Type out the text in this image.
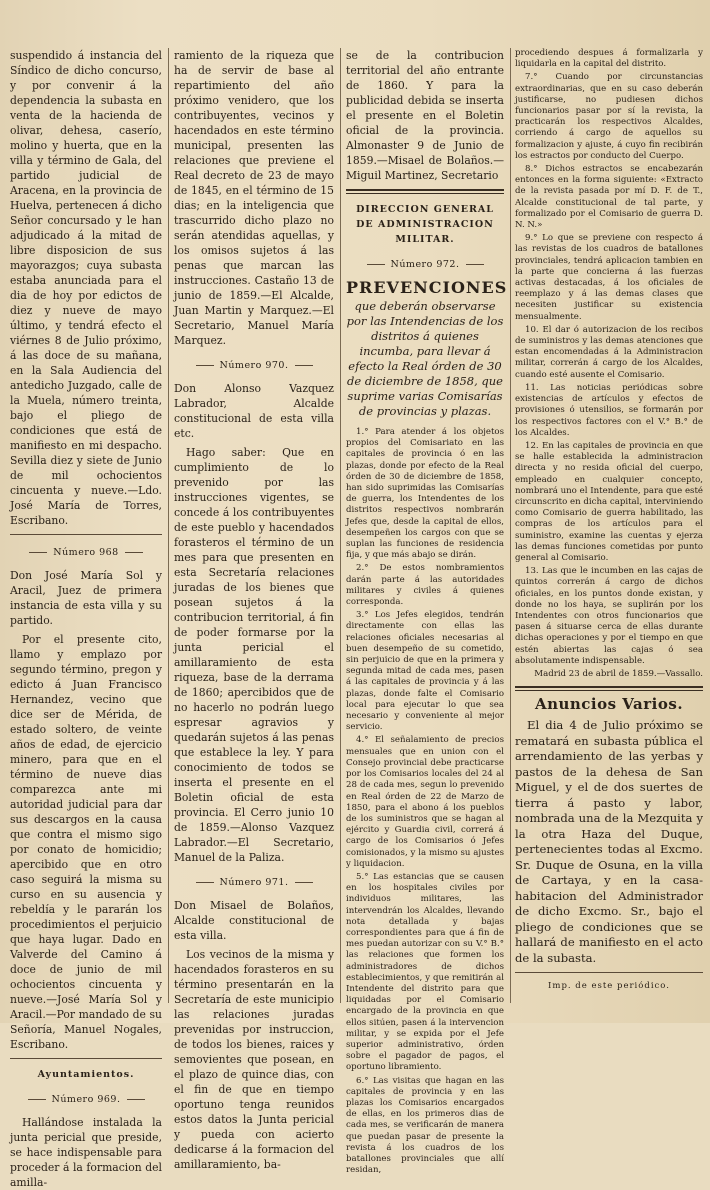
suspendido á instancia del Síndico de dicho concurso, y por convenir á la dependencia la subasta en venta de la hacienda de olivar, dehesa, caserío, molino y huerta, que en la villa y término de Gala, del partido judicial de Aracena, en la provincia de Huelva, pertenecen á dicho Señor concursado y le han adjudicado á la mitad de libre disposicion de sus mayorazgos; cuya subasta estaba anunciada para el dia de hoy por edictos de diez y nueve de mayo último, y tendrá efecto el viérnes 8 de Julio próximo, á las doce de su mañana, en la Sala Audiencia del antedicho Juzgado, calle de la Muela, número treinta, bajo el pliego de condiciones que está de manifiesto en mi despacho. Sevilla diez y siete de Junio de mil ochocientos cincuenta y nueve.—Ldo. José María de Torres, Escribano.

Número 968

Don José María Sol y Aracil, Juez de primera instancia de esta villa y su partido.

Por el presente cito, llamo y emplazo por segundo término, pregon y edicto á Juan Francisco Hernandez, vecino que dice ser de Mérida, de estado soltero, de veinte años de edad, de ejercicio minero, para que en el término de nueve dias comparezca ante mi autoridad judicial para dar sus descargos en la causa que contra el mismo sigo por conato de homicidio; apercibido que en otro caso seguirá la misma su curso en su ausencia y rebeldía y le pararán los procedimientos el perjuicio que haya lugar. Dado en Valverde del Camino á doce de junio de mil ochocientos cincuenta y nueve.—José María Sol y Aracil.—Por mandado de su Señoría, Manuel Nogales, Escribano.

Ayuntamientos.
Número 969.

Hallándose instalada la junta pericial que preside, se hace indispensable para proceder á la formacion del amilla-

ramiento de la riqueza que ha de servir de base al repartimiento del año próximo venidero, que los contribuyentes, vecinos y hacendados en este término municipal, presenten las relaciones que previene el Real decreto de 23 de mayo de 1845, en el término de 15 dias; en la inteligencia que trascurrido dicho plazo no serán atendidas aquellas, y los omisos sujetos á las penas que marcan las instrucciones. Castaño 13 de junio de 1859.—El Alcalde, Juan Martin y Marquez.—El Secretario, Manuel María Marquez.

Número 970.

Don Alonso Vazquez Labrador, Alcalde constitucional de esta villa etc.

Hago saber: Que en cumplimiento de lo prevenido por las instrucciones vigentes, se concede á los contribuyentes de este pueblo y hacendados forasteros el término de un mes para que presenten en esta Secretaría relaciones juradas de los bienes que posean sujetos á la contribucion territorial, á fin de poder formarse por la junta pericial el amillaramiento de esta riqueza, base de la derrama de 1860; apercibidos que de no hacerlo no podrán luego espresar agravios y quedarán sujetos á las penas que establece la ley. Y para conocimiento de todos se inserta el presente en el Boletin oficial de esta provincia. El Cerro junio 10 de 1859.—Alonso Vazquez Labrador.—El Secretario, Manuel de la Paliza.

Número 971.

Don Misael de Bolaños, Alcalde constitucional de esta villa.

Los vecinos de la misma y hacendados forasteros en su término presentarán en la Secretaría de este municipio las relaciones juradas prevenidas por instruccion, de todos los bienes, raices y semovientes que posean, en el plazo de quince dias, con el fin de que en tiempo oportuno tenga reunidos estos datos la Junta pericial y pueda con acierto dedicarse á la formacion del amillaramiento, ba-

se de la contribucion territorial del año entrante de 1860. Y para la publicidad debida se inserta el presente en el Boletin oficial de la provincia. Almonaster 9 de Junio de 1859.—Misael de Bolaños.—Miguil Martinez, Secretario

DIRECCION GENERAL DE ADMINISTRACION MILITAR.
Número 972.
PREVENCIONES
que deberán observarse por las Intendencias de los distritos á quienes incumba, para llevar á efecto la Real órden de 30 de diciembre de 1858, que suprime varias Comisarías de provincias y plazas.

1.° Para atender á los objetos propios del Comisariato en las capitales de provincia ó en las plazas, donde por efecto de la Real órden de 30 de diciembre de 1858, han sido suprimidas las Comisarías de guerra, los Intendentes de los distritos respectivos nombrarán Jefes que, desde la capital de ellos, desempeñen los cargos con que se suplan las funciones de residencia fija, y que más abajo se dirán.

2.° De estos nombramientos darán parte á las autoridades militares y civiles á quienes corresponda.

3.° Los Jefes elegidos, tendrán directamente con ellas las relaciones oficiales necesarias al buen desempeño de su cometido, sin perjuicio de que en la primera y segunda mitad de cada mes, pasen á las capitales de provincia y á las plazas, donde falte el Comisario local para ejecutar lo que sea necesario y conveniente al mejor servicio.

4.° El señalamiento de precios mensuales que en union con el Consejo provincial debe practicarse por los Comisarios locales del 24 al 28 de cada mes, segun lo prevenido en Real órden de 22 de Marzo de 1850, para el abono á los pueblos de los suministros que se hagan al ejército y Guardia civil, correrá á cargo de los Comisarios ó Jefes comisionados, y la mismo su ajustes y liquidacion.

5.° Las estancias que se causen en los hospitales civiles por individuos militares, las intervendrán los Alcaldes, llevando nota detallada y bajas correspondientes para que á fin de mes puedan autorizar con su V.° B.° las relaciones que formen los administradores de dichos establecimientos, y que remitirán al Intendente del distrito para que liquidadas por el Comisario encargado de la provincia en que ellos sitúen, pasen á la intervencion militar, y se expida por el Jefe superior administrativo, órden sobre el pagador de pagos, el oportuno libramiento.

6.° Las visitas que hagan en las capitales de provincia y en las plazas los Comisarios encargados de ellas, en los primeros dias de cada mes, se verificarán de manera que puedan pasar de presente la revista á los cuadros de los batallones provinciales que allí residan,

procediendo despues á formalizarla y liquidarla en la capital del distrito.

7.° Cuando por circunstancias extraordinarias, que en su caso deberán justificarse, no pudiesen dichos funcionarios pasar por sí la revista, la practicarán los respectivos Alcaldes, corriendo á cargo de aquellos su formalizacion y ajuste, á cuyo fin recibirán los estractos por conducto del Cuerpo.

8.° Dichos estractos se encabezarán entonces en la forma siguiente: «Extracto de la revista pasada por mí D. F. de T., Alcalde constitucional de tal parte, y formalizado por el Comisario de guerra D. N. N.»

9.° Lo que se previene con respecto á las revistas de los cuadros de batallones provinciales, tendrá aplicacion tambien en la parte que concierna á las fuerzas activas destacadas, á los oficiales de reemplazo y á las demas clases que necesiten justificar su existencia mensualmente.

10. El dar ó autorizacion de los recibos de suministros y las demas atenciones que estan encomendadas á la Administracion militar, correrán á cargo de los Alcaldes, cuando esté ausente el Comisario.

11. Las noticias periódicas sobre existencias de artículos y efectos de provisiones ó utensilios, se formarán por los respectivos factores con el V.° B.° de los Alcaldes.

12. En las capitales de provincia en que se halle establecida la administracion directa y no resida oficial del cuerpo, empleado en cualquier concepto, nombrará uno el Intendente, para que esté circunscrito en dicha capital, interviniendo como Comisario de guerra habilitado, las compras de los artículos para el suministro, examine las cuentas y ejerza las demas funciones cometidas por punto general al Comisario.

13. Las que le incumben en las cajas de quintos correrán á cargo de dichos oficiales, en los puntos donde existan, y donde no los haya, se suplirán por los Intendentes con otros funcionarios que pasen á situarse cerca de ellas durante dichas operaciones y por el tiempo en que estén abiertas las cajas ó sea absolutamente indispensable.

Madrid 23 de abril de 1859.—Vassallo.

Anuncios Varios.

El dia 4 de Julio próximo se rematará en subasta pública el arrendamiento de las yerbas y pastos de la dehesa de San Miguel, y el de dos suertes de tierra á pasto y labor, nombrada una de la Mezquita y la otra Haza del Duque, pertenecientes todas al Excmo. Sr. Duque de Osuna, en la villa de Cartaya, y en la casa-habitacion del Administrador de dicho Excmo. Sr., bajo el pliego de condiciones que se hallará de manifiesto en el acto de la subasta.

Imp. de este periódico.
